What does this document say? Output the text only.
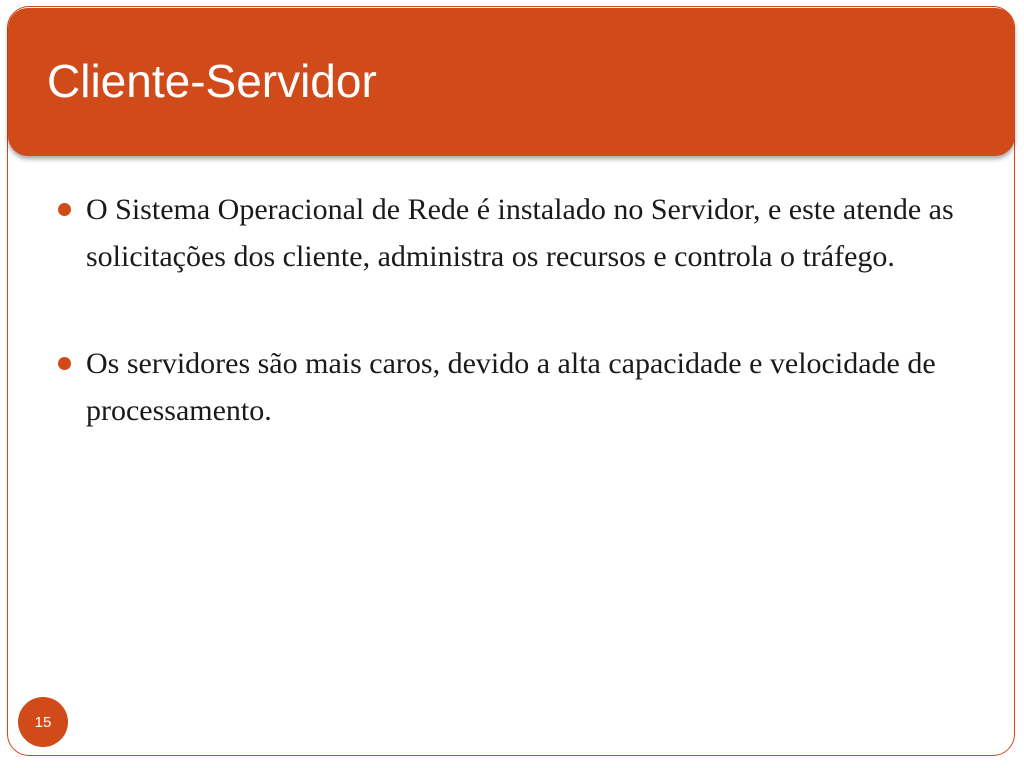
Cliente-Servidor
O Sistema Operacional de Rede é instalado no Servidor, e este atende as solicitações dos cliente, administra os recursos e controla o tráfego.
Os servidores são mais caros, devido a alta capacidade e velocidade de processamento.
15
